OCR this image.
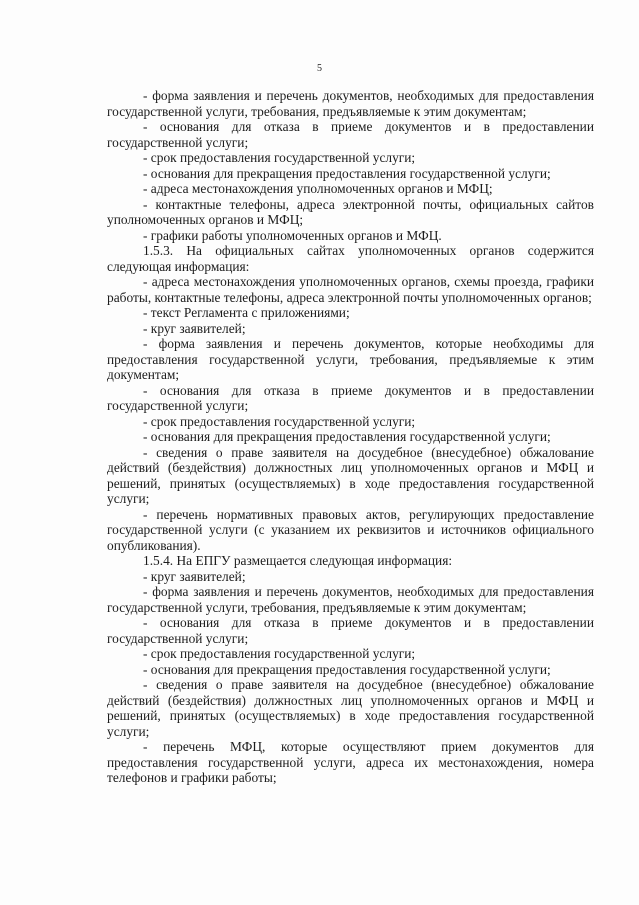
5

- форма заявления и перечень документов, необходимых для предоставления государственной услуги, требования, предъявляемые к этим документам;

- основания для отказа в приеме документов и в предоставлении государственной услуги;

- срок предоставления государственной услуги;

- основания для прекращения предоставления государственной услуги;

- адреса местонахождения уполномоченных органов и МФЦ;

- контактные телефоны, адреса электронной почты, официальных сайтов уполномоченных органов и МФЦ;

- графики работы уполномоченных органов и МФЦ.

1.5.3. На официальных сайтах уполномоченных органов содержится следующая информация:

- адреса местонахождения уполномоченных органов, схемы проезда, графики работы, контактные телефоны, адреса электронной почты уполномоченных органов;

- текст Регламента с приложениями;

- круг заявителей;

- форма заявления и перечень документов, которые необходимы для предоставления государственной услуги, требования, предъявляемые к этим документам;

- основания для отказа в приеме документов и в предоставлении государственной услуги;

- срок предоставления государственной услуги;

- основания для прекращения предоставления государственной услуги;

- сведения о праве заявителя на досудебное (внесудебное) обжалование действий (бездействия) должностных лиц уполномоченных органов и МФЦ и решений, принятых (осуществляемых) в ходе предоставления государственной услуги;

- перечень нормативных правовых актов, регулирующих предоставление государственной услуги (с указанием их реквизитов и источников официального опубликования).

1.5.4. На ЕПГУ размещается следующая информация:

- круг заявителей;

- форма заявления и перечень документов, необходимых для предоставления государственной услуги, требования, предъявляемые к этим документам;

- основания для отказа в приеме документов и в предоставлении государственной услуги;

- срок предоставления государственной услуги;

- основания для прекращения предоставления государственной услуги;

- сведения о праве заявителя на досудебное (внесудебное) обжалование действий (бездействия) должностных лиц уполномоченных органов и МФЦ и решений, принятых (осуществляемых) в ходе предоставления государственной услуги;

- перечень МФЦ, которые осуществляют прием документов для предоставления государственной услуги, адреса их местонахождения, номера телефонов и графики работы;
